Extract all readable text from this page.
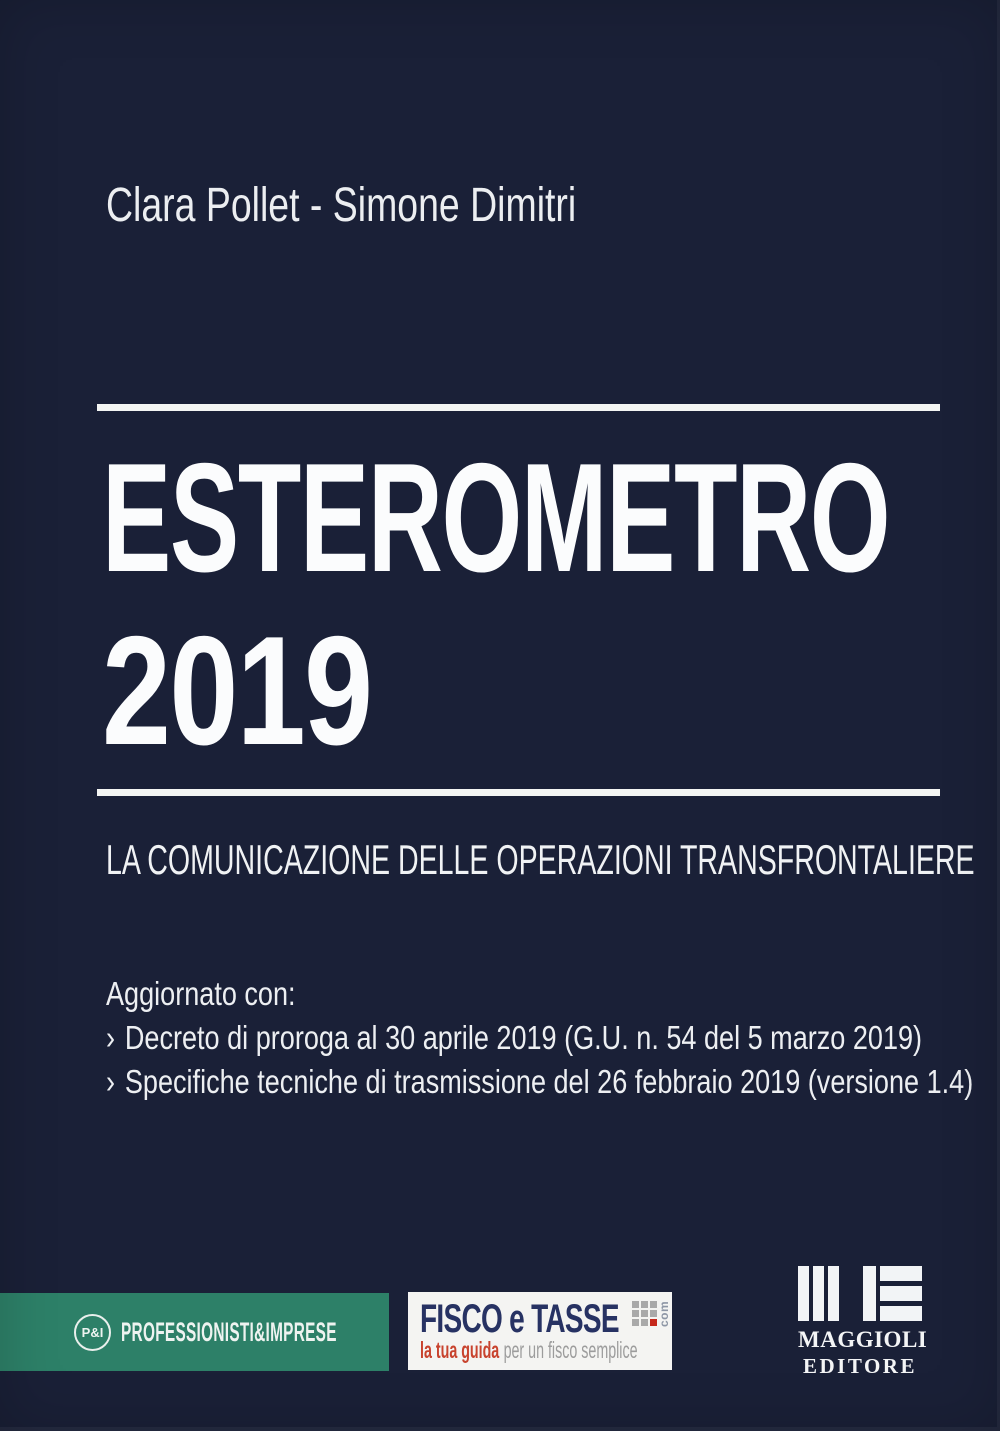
Clara Pollet - Simone Dimitri
ESTEROMETRO
2019
LA COMUNICAZIONE DELLE OPERAZIONI TRANSFRONTALIERE
Aggiornato con:
› Decreto di proroga al 30 aprile 2019 (G.U. n. 54 del 5 marzo 2019)
› Specifiche tecniche di trasmissione del 26 febbraio 2019 (versione 1.4)
P&I PROFESSIONISTI&IMPRESE FISCO e TASSE	com
la tua guida per un fisco semplice	MAGGIOLI
EDITORE
